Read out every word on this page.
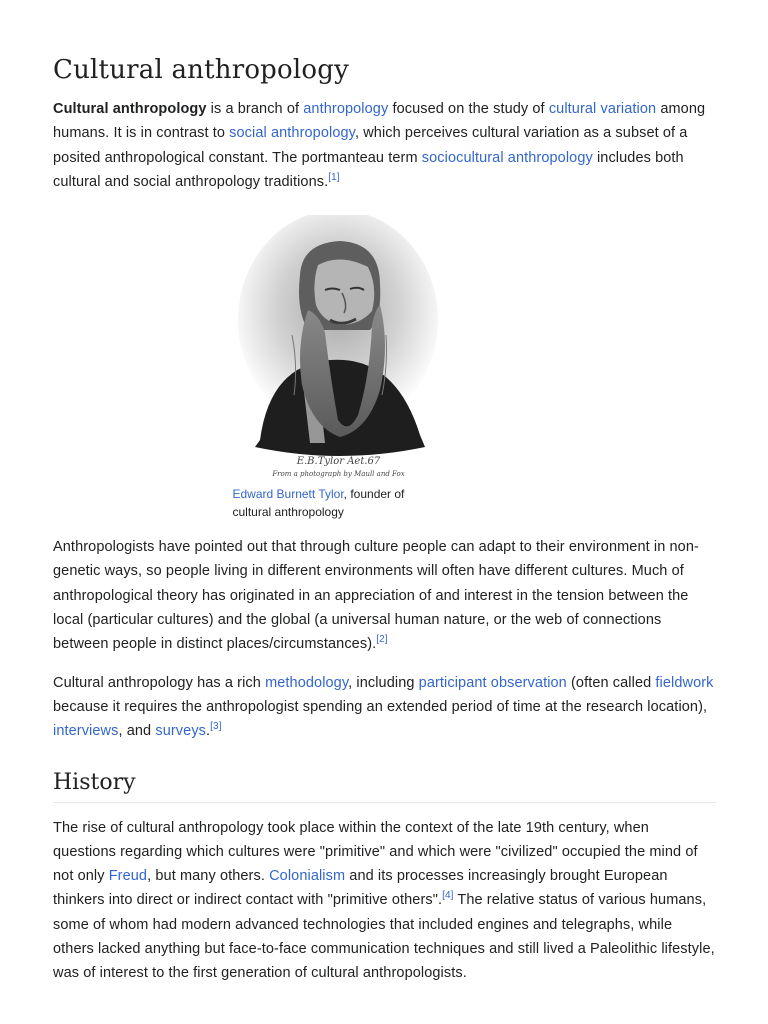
Cultural anthropology

Cultural anthropology is a branch of anthropology focused on the study of cultural variation among humans. It is in contrast to social anthropology, which perceives cultural variation as a subset of a posited anthropological constant. The portmanteau term sociocultural anthropology includes both cultural and social anthropology traditions.[1]

E.B.Tylor Aet.67
From a photograph by Maull and Fox
Edward Burnett Tylor, founder of cultural anthropology

Anthropologists have pointed out that through culture people can adapt to their environment in non-genetic ways, so people living in different environments will often have different cultures. Much of anthropological theory has originated in an appreciation of and interest in the tension between the local (particular cultures) and the global (a universal human nature, or the web of connections between people in distinct places/circumstances).[2]

Cultural anthropology has a rich methodology, including participant observation (often called fieldwork because it requires the anthropologist spending an extended period of time at the research location), interviews, and surveys.[3]

History

The rise of cultural anthropology took place within the context of the late 19th century, when questions regarding which cultures were "primitive" and which were "civilized" occupied the mind of not only Freud, but many others. Colonialism and its processes increasingly brought European thinkers into direct or indirect contact with "primitive others".[4] The relative status of various humans, some of whom had modern advanced technologies that included engines and telegraphs, while others lacked anything but face-to-face communication techniques and still lived a Paleolithic lifestyle, was of interest to the first generation of cultural anthropologists.
